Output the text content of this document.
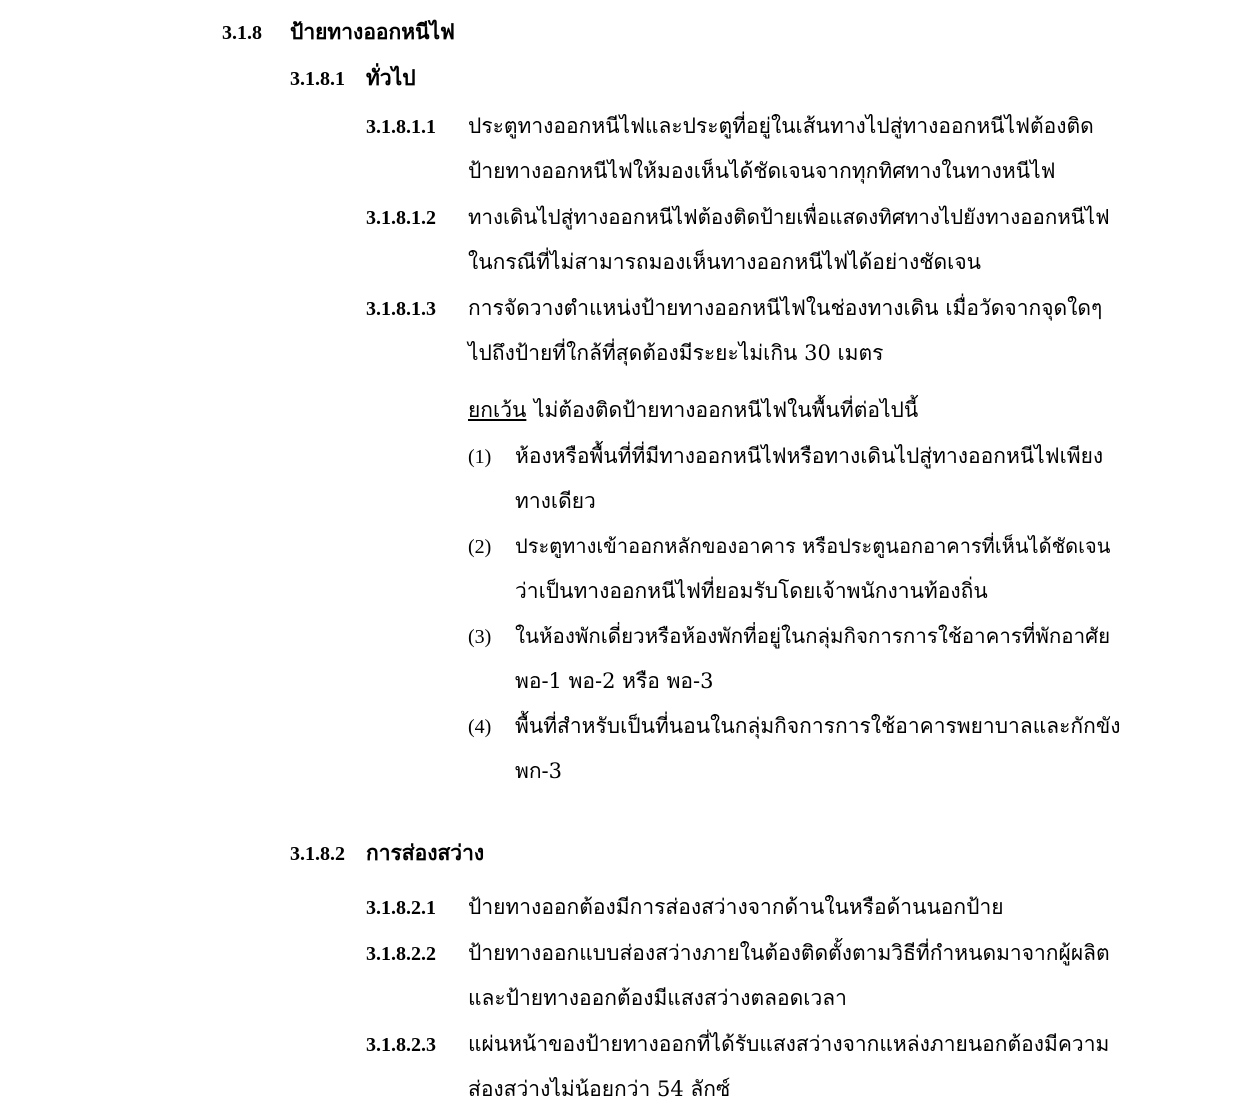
3.1.8 ป้ายทางออกหนีไฟ
3.1.8.1 ทั่วไป
3.1.8.1.1 ประตูทางออกหนีไฟและประตูที่อยู่ในเส้นทางไปสู่ทางออกหนีไฟต้องติด
ป้ายทางออกหนีไฟให้มองเห็นได้ชัดเจนจากทุกทิศทางในทางหนีไฟ
3.1.8.1.2 ทางเดินไปสู่ทางออกหนีไฟต้องติดป้ายเพื่อแสดงทิศทางไปยังทางออกหนีไฟ
ในกรณีที่ไม่สามารถมองเห็นทางออกหนีไฟได้อย่างชัดเจน
3.1.8.1.3 การจัดวางตำแหน่งป้ายทางออกหนีไฟในช่องทางเดิน เมื่อวัดจากจุดใดๆ
ไปถึงป้ายที่ใกล้ที่สุดต้องมีระยะไม่เกิน 30 เมตร
ยกเว้น ไม่ต้องติดป้ายทางออกหนีไฟในพื้นที่ต่อไปนี้
(1) ห้องหรือพื้นที่ที่มีทางออกหนีไฟหรือทางเดินไปสู่ทางออกหนีไฟเพียง
ทางเดียว
(2) ประตูทางเข้าออกหลักของอาคาร หรือประตูนอกอาคารที่เห็นได้ชัดเจน
ว่าเป็นทางออกหนีไฟที่ยอมรับโดยเจ้าพนักงานท้องถิ่น
(3) ในห้องพักเดี่ยวหรือห้องพักที่อยู่ในกลุ่มกิจการการใช้อาคารที่พักอาศัย
พอ-1 พอ-2 หรือ พอ-3
(4) พื้นที่สำหรับเป็นที่นอนในกลุ่มกิจการการใช้อาคารพยาบาลและกักขัง
พก-3
3.1.8.2 การส่องสว่าง
3.1.8.2.1 ป้ายทางออกต้องมีการส่องสว่างจากด้านในหรือด้านนอกป้าย
3.1.8.2.2 ป้ายทางออกแบบส่องสว่างภายในต้องติดตั้งตามวิธีที่กำหนดมาจากผู้ผลิต
และป้ายทางออกต้องมีแสงสว่างตลอดเวลา
3.1.8.2.3 แผ่นหน้าของป้ายทางออกที่ได้รับแสงสว่างจากแหล่งภายนอกต้องมีความ
ส่องสว่างไม่น้อยกว่า 54 ลักซ์
